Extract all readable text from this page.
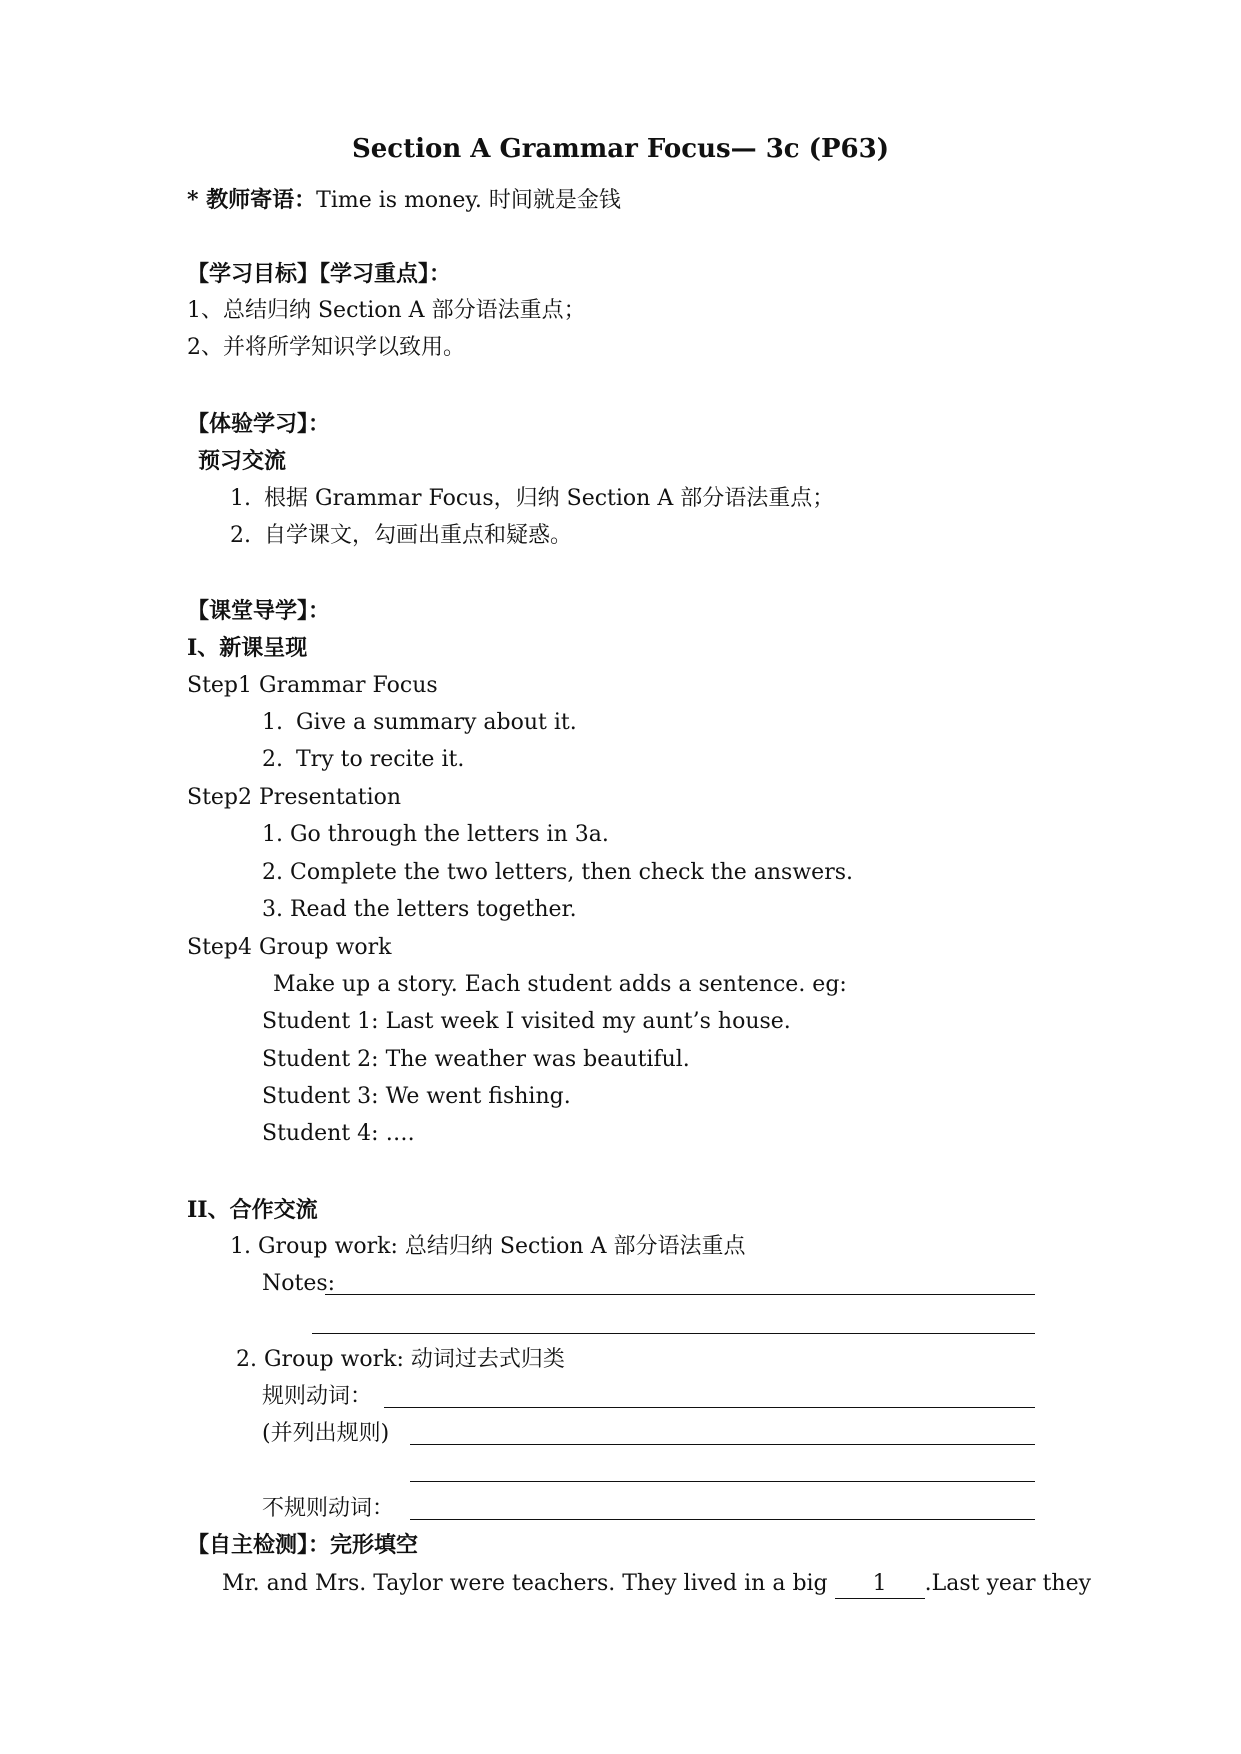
Section A Grammar Focus— 3c (P63)
* 教师寄语：Time is money. 时间就是金钱
【学习目标】【学习重点】：
1、总结归纳 Section A 部分语法重点；
2、并将所学知识学以致用。
【体验学习】：
预习交流
1. 根据 Grammar Focus，归纳 Section A 部分语法重点；
2. 自学课文，勾画出重点和疑惑。
【课堂导学】：
I、新课呈现
Step1 Grammar Focus
1. Give a summary about it.
2. Try to recite it.
Step2 Presentation
1. Go through the letters in 3a.
2. Complete the two letters, then check the answers.
3. Read the letters together.
Step4 Group work
Make up a story. Each student adds a sentence. eg:
Student 1: Last week I visited my aunt’s house.
Student 2: The weather was beautiful.
Student 3: We went fishing.
Student 4: ….
II、合作交流
1. Group work: 总结归纳 Section A 部分语法重点
Notes:
2. Group work: 动词过去式归类
规则动词：
(并列出规则)
不规则动词：
【自主检测】：完形填空
Mr. and Mrs. Taylor were teachers. They lived in a big 1 .Last year they
